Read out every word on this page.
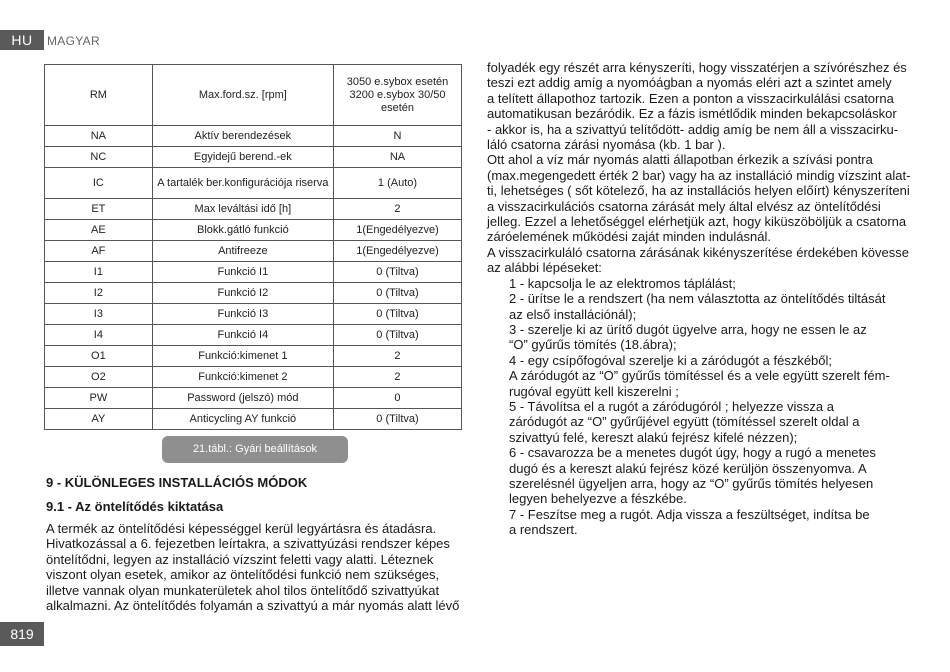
HU	MAGYAR
RM	Max.ford.sz. [rpm]	3050 e.sybox esetén
3200 e.sybox 30/50 esetén
NA	Aktív berendezések	N
NC	Egyidejű berend.-ek	NA
IC	A tartalék ber.konfigurációja riserva	1 (Auto)
ET	Max leváltási idő [h]	2
AE	Blokk.gátló funkció	1(Engedélyezve)
AF	Antifreeze	1(Engedélyezve)
I1	Funkció I1	0 (Tiltva)
I2	Funkció I2	0 (Tiltva)
I3	Funkció I3	0 (Tiltva)
I4	Funkció I4	0 (Tiltva)
O1	Funkció:kimenet 1	2
O2	Funkció:kimenet 2	2
PW	Password (jelszó) mód	0
AY	Anticycling AY funkció	0 (Tiltva)
21.tábl.: Gyári beállítások
9 - KÜLÖNLEGES INSTALLÁCIÓS MÓDOK
9.1 - Az öntelítődés kiktatása
A termék az öntelítődési képességgel kerül legyártásra és átadásra.
Hivatkozással a 6. fejezetben leírtakra, a szivattyúzási rendszer képes
öntelítődni, legyen az installáció vízszint feletti vagy alatti. Léteznek
viszont olyan esetek, amikor az öntelítődési funkció nem szükséges,
illetve vannak olyan munkaterületek ahol tilos öntelítődő szivattyúkat
alkalmazni. Az öntelítődés folyamán a szivattyú a már nyomás alatt lévő
folyadék egy részét arra kényszeríti, hogy visszatérjen a szívórészhez és
teszi ezt addig amíg a nyomóágban a nyomás eléri azt a szintet amely
a telített állapothoz tartozik. Ezen a ponton a visszacirkulálási csatorna
automatikusan bezáródik. Ez a fázis ismétlődik minden bekapcsoláskor
- akkor is, ha a szivattyú telítődött- addig amíg be nem áll a visszacirku-
láló csatorna zárási nyomása (kb. 1 bar ).
Ott ahol a víz már nyomás alatti állapotban érkezik a szívási pontra
(max.megengedett érték 2 bar) vagy ha az installáció mindig vízszint alat-
ti, lehetséges ( sőt kötelező, ha az installációs helyen előírt) kényszeríteni
a visszacirkulációs csatorna zárását mely által elvész az öntelítődési
jelleg. Ezzel a lehetőséggel elérhetjük azt, hogy kiküszöböljük a csatorna
záróelemének működési zaját minden indulásnál.
A visszacirkuláló csatorna zárásának kikényszerítése érdekében kövesse
az alábbi lépéseket:
1 - kapcsolja le az elektromos táplálást;
2 - ürítse le a rendszert (ha nem választotta az öntelítődés tiltását
az első installációnál);
3 - szerelje ki az ürítő dugót ügyelve arra, hogy ne essen le az
“O” gyűrűs tömítés (18.ábra);
4 - egy csípőfogóval szerelje ki a záródugót a fészkéből;
A záródugót az “O” gyűrűs tömítéssel és a vele együtt szerelt fém-
rugóval együtt kell kiszerelni ;
5 - Távolítsa el a rugót a záródugóról ; helyezze vissza a
záródugót az “O” gyűrűjével együtt (tömítéssel szerelt oldal a
szivattyú felé, kereszt alakú fejrész kifelé nézzen);
6 - csavarozza be a menetes dugót úgy, hogy a rugó a menetes
dugó és a kereszt alakú fejrész közé kerüljön összenyomva. A
szerelésnél ügyeljen arra, hogy az “O” gyűrűs tömítés helyesen
legyen behelyezve a fészkébe.
7 - Feszítse meg a rugót. Adja vissza a feszültséget, indítsa be
a rendszert.
819
